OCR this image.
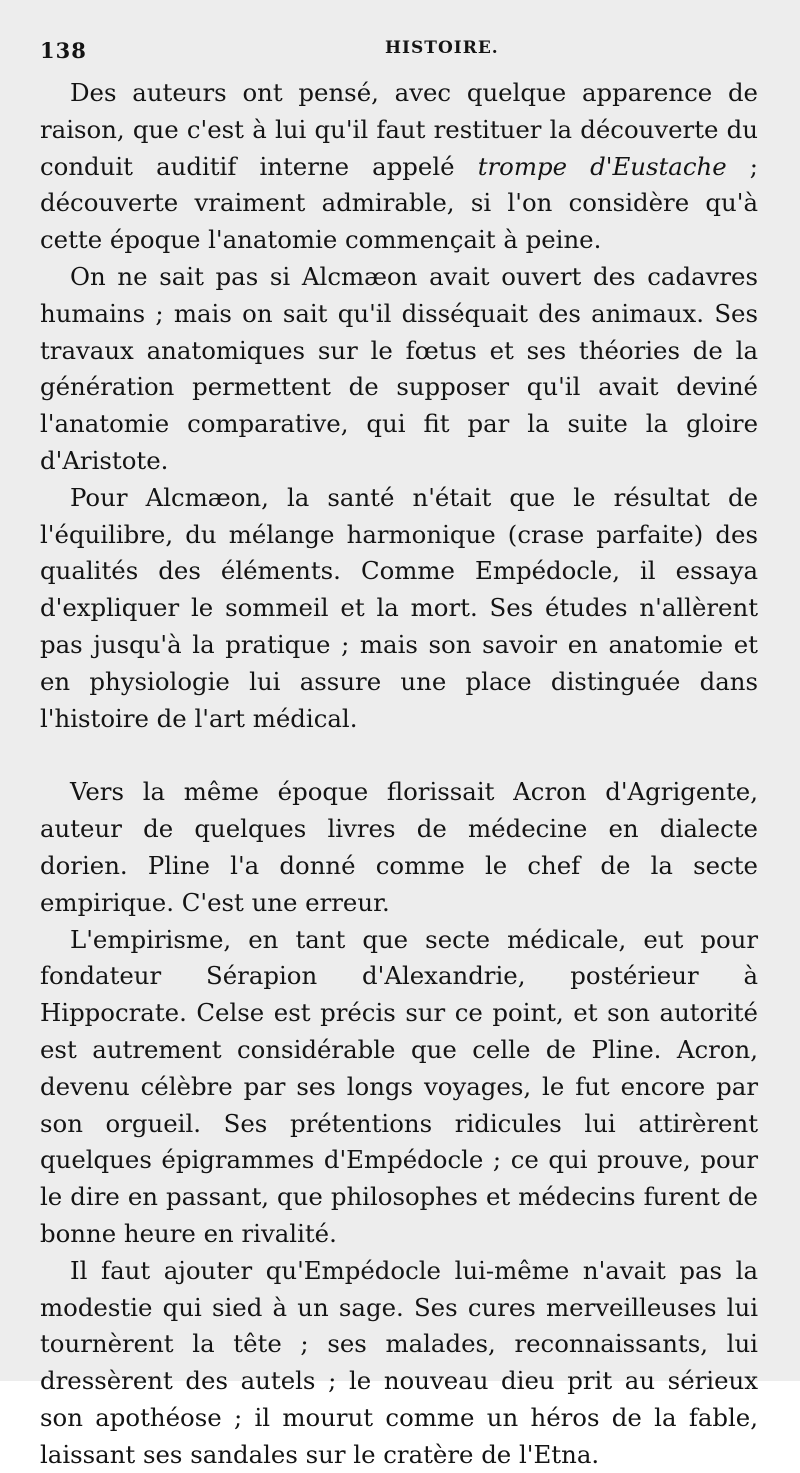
138	HISTOIRE.

Des auteurs ont pensé, avec quelque apparence de raison, que c'est à lui qu'il faut restituer la découverte du conduit auditif interne appelé trompe d'Eustache ; découverte vraiment admirable, si l'on considère qu'à cette époque l'anatomie commençait à peine.

On ne sait pas si Alcmæon avait ouvert des cadavres humains ; mais on sait qu'il disséquait des animaux. Ses travaux anatomiques sur le fœtus et ses théories de la génération permettent de supposer qu'il avait deviné l'anatomie comparative, qui fit par la suite la gloire d'Aristote.

Pour Alcmæon, la santé n'était que le résultat de l'équilibre, du mélange harmonique (crase parfaite) des qualités des éléments. Comme Empédocle, il essaya d'expliquer le sommeil et la mort. Ses études n'allèrent pas jusqu'à la pratique ; mais son savoir en anatomie et en physiologie lui assure une place distinguée dans l'histoire de l'art médical.

Vers la même époque florissait Acron d'Agrigente, auteur de quelques livres de médecine en dialecte dorien. Pline l'a donné comme le chef de la secte empirique. C'est une erreur.

L'empirisme, en tant que secte médicale, eut pour fondateur Sérapion d'Alexandrie, postérieur à Hippocrate. Celse est précis sur ce point, et son autorité est autrement considérable que celle de Pline. Acron, devenu célèbre par ses longs voyages, le fut encore par son orgueil. Ses prétentions ridicules lui attirèrent quelques épigrammes d'Empédocle ; ce qui prouve, pour le dire en passant, que philosophes et médecins furent de bonne heure en rivalité.

Il faut ajouter qu'Empédocle lui-même n'avait pas la modestie qui sied à un sage. Ses cures merveilleuses lui tournèrent la tête ; ses malades, reconnaissants, lui dressèrent des autels ; le nouveau dieu prit au sérieux son apothéose ; il mourut comme un héros de la fable, laissant ses sandales sur le cratère de l'Etna.
